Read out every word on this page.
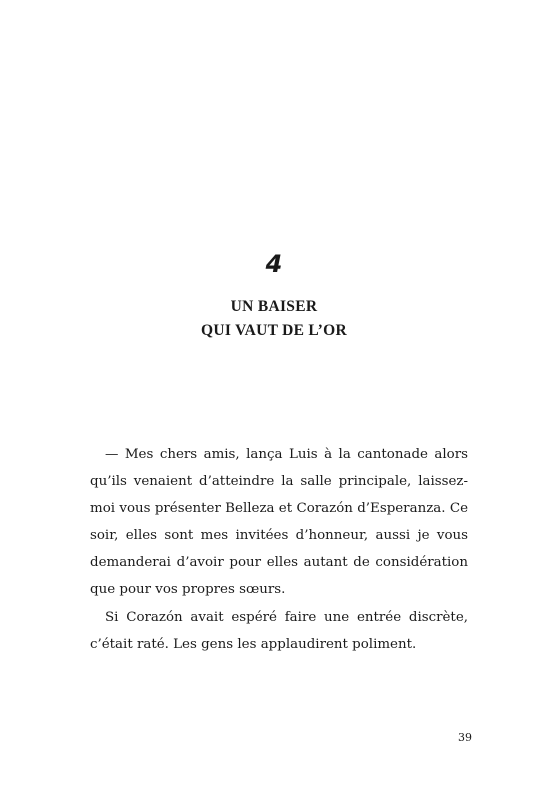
4
UN BAISER
QUI VAUT DE L’OR

— Mes chers amis, lança Luis à la cantonade alors qu’ils venaient d’atteindre la salle principale, laissez-moi vous présenter Belleza et Corazón d’Esperanza. Ce soir, elles sont mes invitées d’honneur, aussi je vous demanderai d’avoir pour elles autant de considération que pour vos propres sœurs.

Si Corazón avait espéré faire une entrée discrète, c’était raté. Les gens les applaudirent poliment.

39
